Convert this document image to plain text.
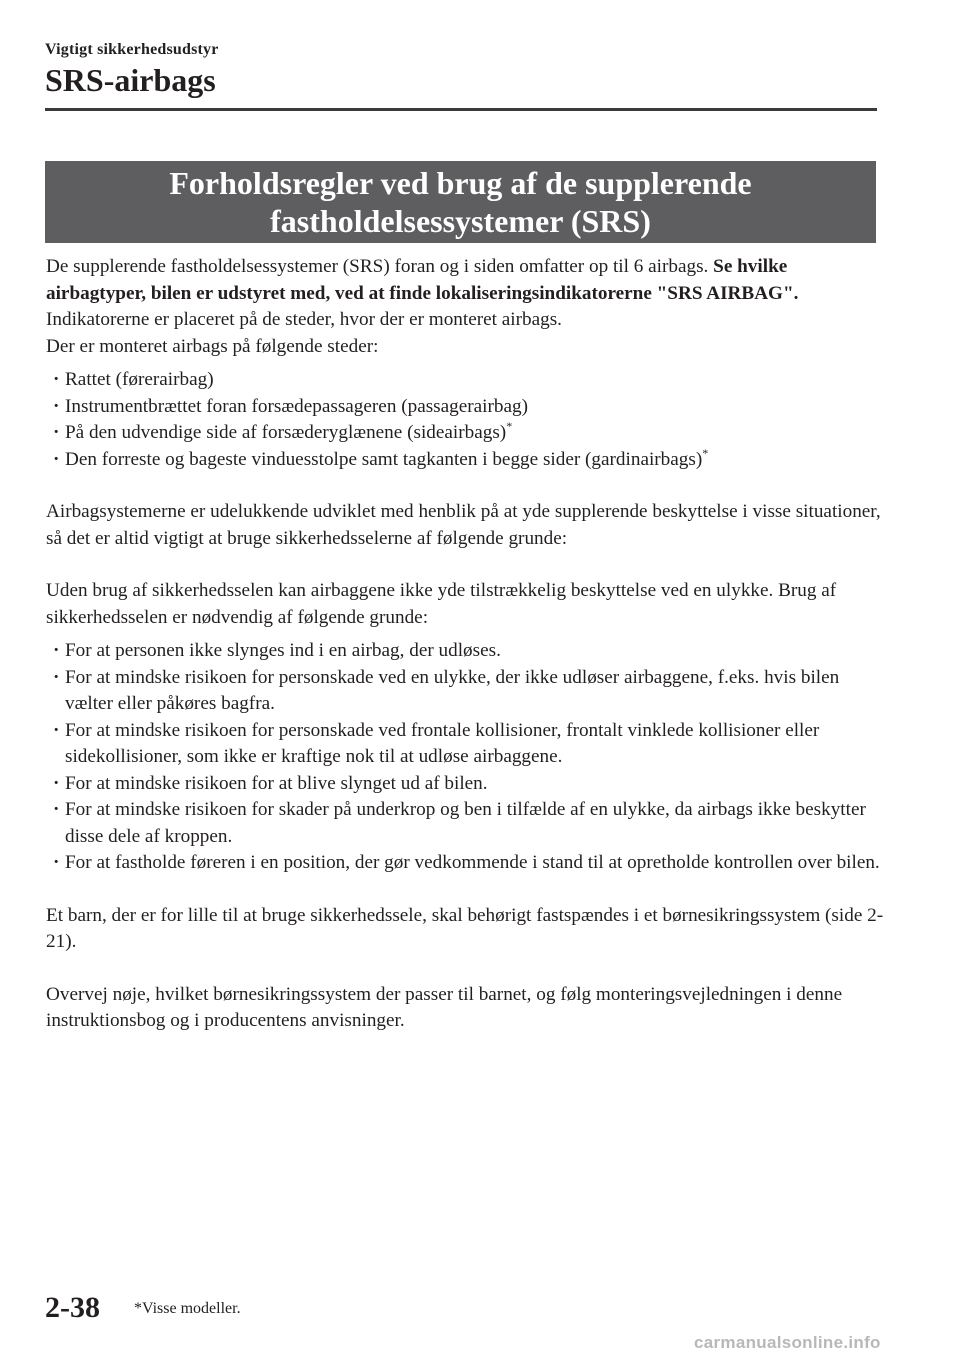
Vigtigt sikkerhedsudstyr
SRS-airbags
Forholdsregler ved brug af de supplerende
fastholdelsessystemer (SRS)

De supplerende fastholdelsessystemer (SRS) foran og i siden omfatter op til 6 airbags. Se hvilke airbagtyper, bilen er udstyret med, ved at finde lokaliseringsindikatorerne "SRS AIRBAG". Indikatorerne er placeret på de steder, hvor der er monteret airbags.

Der er monteret airbags på følgende steder:

· Rattet (førerairbag)
· Instrumentbrættet foran forsædepassageren (passagerairbag)
· På den udvendige side af forsæderyglænene (sideairbags)*
· Den forreste og bageste vinduesstolpe samt tagkanten i begge sider (gardinairbags)*

Airbagsystemerne er udelukkende udviklet med henblik på at yde supplerende beskyttelse i visse situationer, så det er altid vigtigt at bruge sikkerhedsselerne af følgende grunde:

Uden brug af sikkerhedsselen kan airbaggene ikke yde tilstrækkelig beskyttelse ved en ulykke. Brug af sikkerhedsselen er nødvendig af følgende grunde:

· For at personen ikke slynges ind i en airbag, der udløses.
· For at mindske risikoen for personskade ved en ulykke, der ikke udløser airbaggene, f.eks. hvis bilen vælter eller påkøres bagfra.
· For at mindske risikoen for personskade ved frontale kollisioner, frontalt vinklede kollisioner eller sidekollisioner, som ikke er kraftige nok til at udløse airbaggene.
· For at mindske risikoen for at blive slynget ud af bilen.
· For at mindske risikoen for skader på underkrop og ben i tilfælde af en ulykke, da airbags ikke beskytter disse dele af kroppen.
· For at fastholde føreren i en position, der gør vedkommende i stand til at opretholde kontrollen over bilen.

Et barn, der er for lille til at bruge sikkerhedssele, skal behørigt fastspændes i et børnesikringssystem (side 2-21).

Overvej nøje, hvilket børnesikringssystem der passer til barnet, og følg monteringsvejledningen i denne instruktionsbog og i producentens anvisninger.

2-38 *Visse modeller.
carmanualsonline.info
